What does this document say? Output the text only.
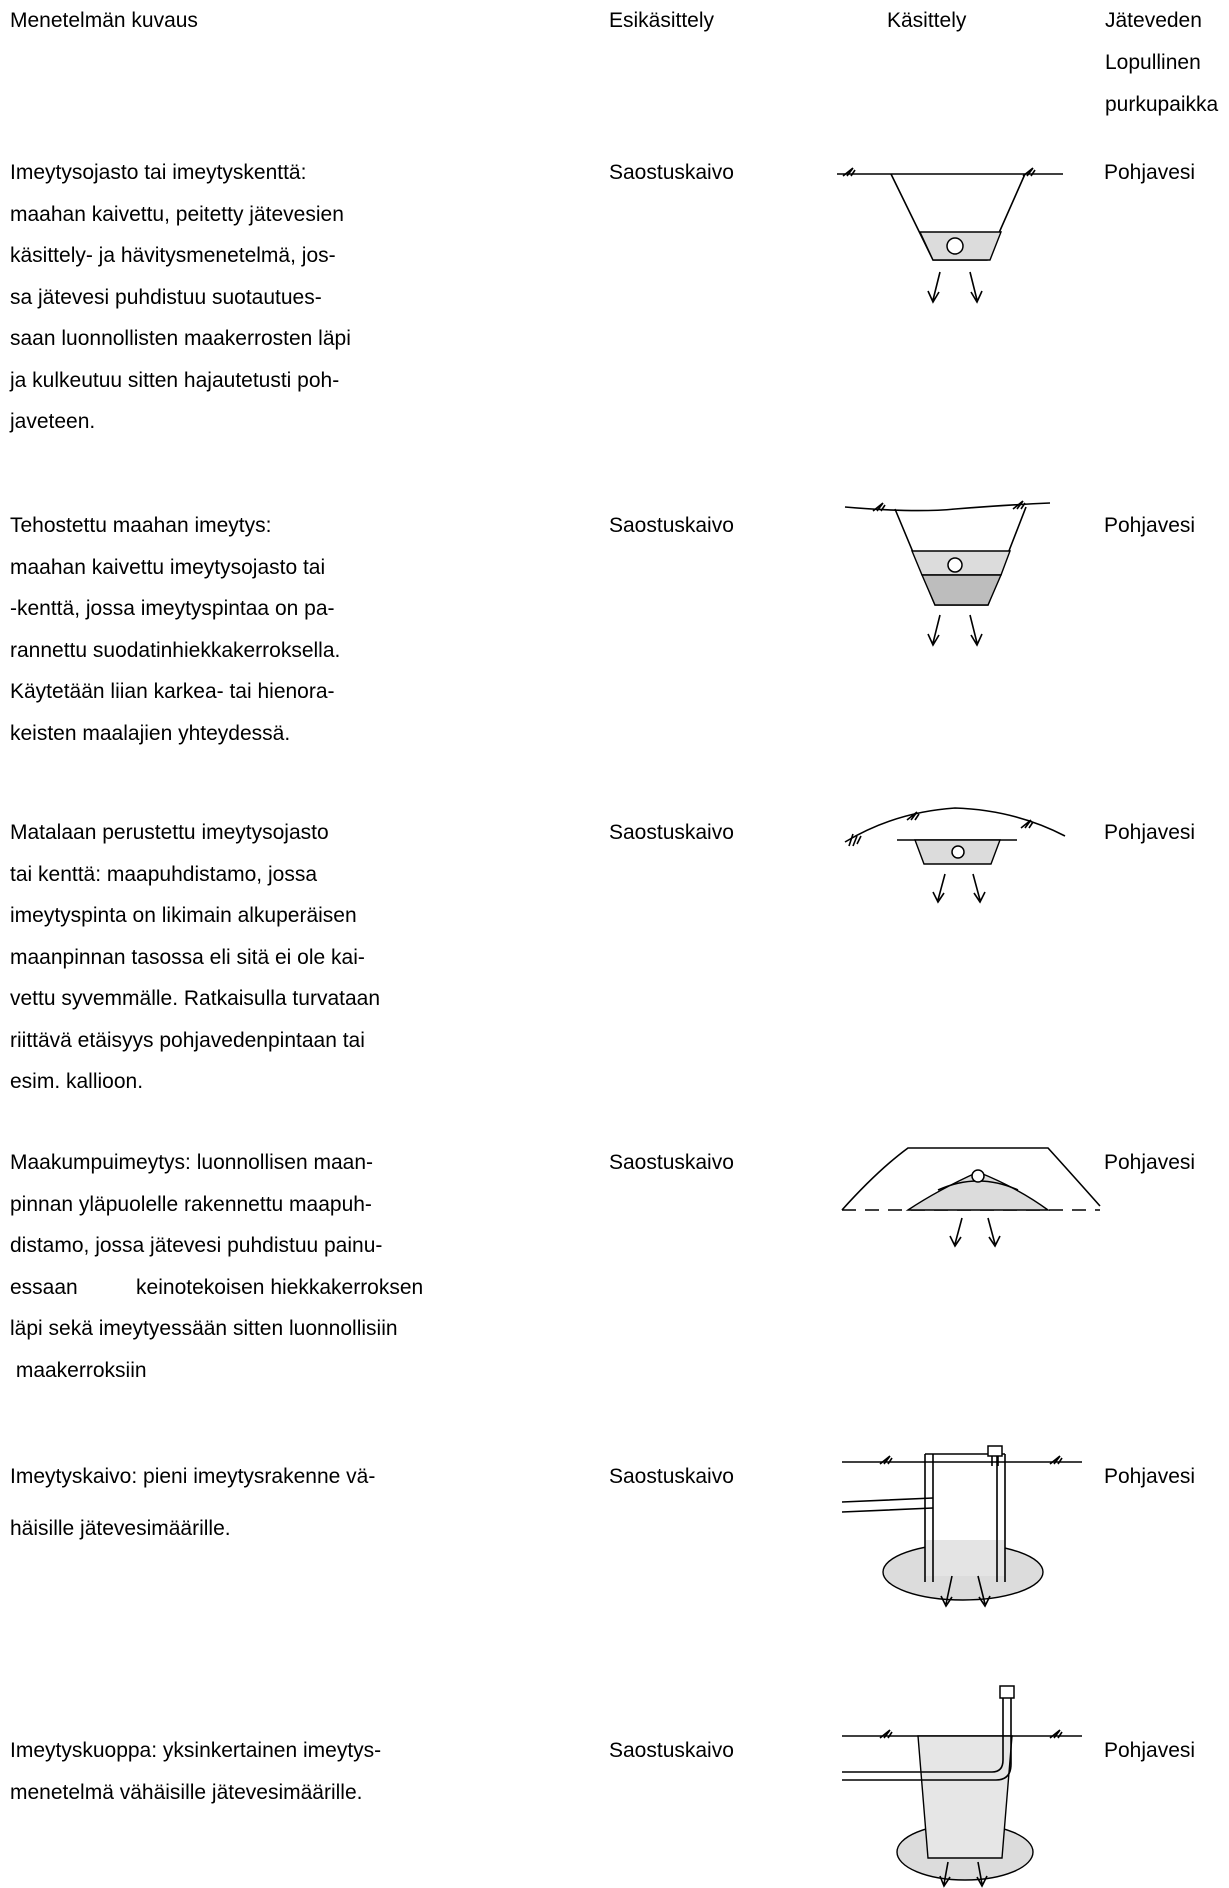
Menetelmän kuvaus	Esikäsittely	Käsittely	Jäteveden
Lopullinen
purkupaikka
Imeytysojasto tai imeytyskenttä:
maahan kaivettu, peitetty jätevesien
käsittely- ja hävitysmenetelmä, jos-
sa jätevesi puhdistuu suotautues-
saan luonnollisten maakerrosten läpi
ja kulkeutuu sitten hajautetusti poh-
javeteen.
Saostuskaivo	Pohjavesi
Tehostettu maahan imeytys:
maahan kaivettu imeytysojasto tai
-kenttä, jossa imeytyspintaa on pa-
rannettu suodatinhiekkakerroksella.
Käytetään liian karkea- tai hienora-
keisten maalajien yhteydessä.
Saostuskaivo	Pohjavesi
Matalaan perustettu imeytysojasto
tai kenttä: maapuhdistamo, jossa
imeytyspinta on likimain alkuperäisen
maanpinnan tasossa eli sitä ei ole kai-
vettu syvemmälle. Ratkaisulla turvataan
riittävä etäisyys pohjavedenpintaan tai
esim. kallioon.
Saostuskaivo	Pohjavesi
Maakumpuimeytys: luonnollisen maan-
pinnan yläpuolelle rakennettu maapuh-
distamo, jossa jätevesi puhdistuu painu-
essaan          keinotekoisen hiekkakerroksen
läpi sekä imeytyessään sitten luonnollisiin
maakerroksiin
Saostuskaivo	Pohjavesi
Imeytyskaivo: pieni imeytysrakenne vä-
häisille jätevesimäärille.
Saostuskaivo	Pohjavesi
Imeytyskuoppa: yksinkertainen imeytys-
menetelmä vähäisille jätevesimäärille.
Saostuskaivo	Pohjavesi
